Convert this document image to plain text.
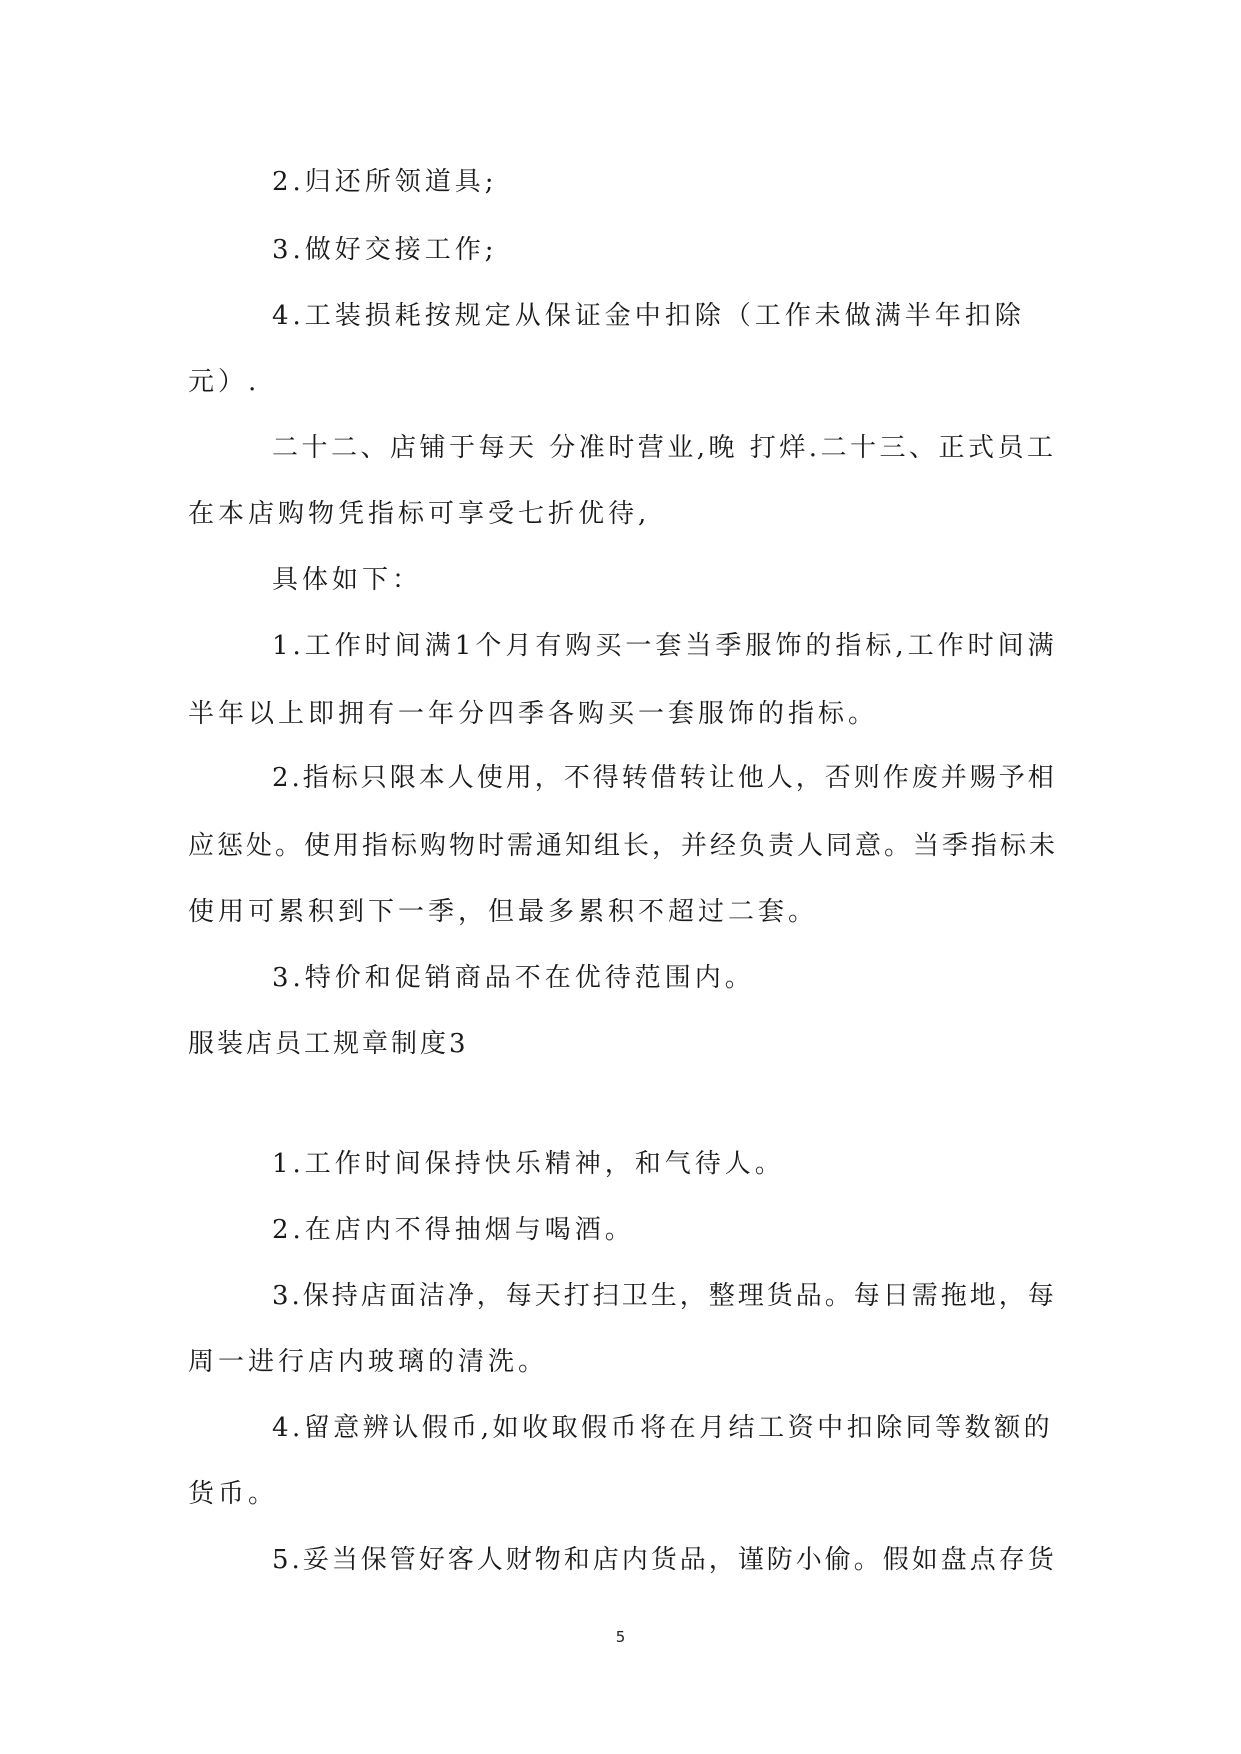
2.归还所领道具;
3.做好交接工作;
4.工装损耗按规定从保证金中扣除（工作未做满半年扣除
元）.
二十二、店铺于每天 分准时营业,晚 打烊.二十三、正式员工
在本店购物凭指标可享受七折优待,
具体如下：
1.工作时间满1个月有购买一套当季服饰的指标,工作时间满
半年以上即拥有一年分四季各购买一套服饰的指标。
2.指标只限本人使用，不得转借转让他人，否则作废并赐予相
应惩处。使用指标购物时需通知组长，并经负责人同意。当季指标未
使用可累积到下一季，但最多累积不超过二套。
3.特价和促销商品不在优待范围内。
服装店员工规章制度3
1.工作时间保持快乐精神，和气待人。
2.在店内不得抽烟与喝酒。
3.保持店面洁净，每天打扫卫生，整理货品。每日需拖地，每
周一进行店内玻璃的清洗。
4.留意辨认假币,如收取假币将在月结工资中扣除同等数额的
货币。
5.妥当保管好客人财物和店内货品，谨防小偷。假如盘点存货
5
